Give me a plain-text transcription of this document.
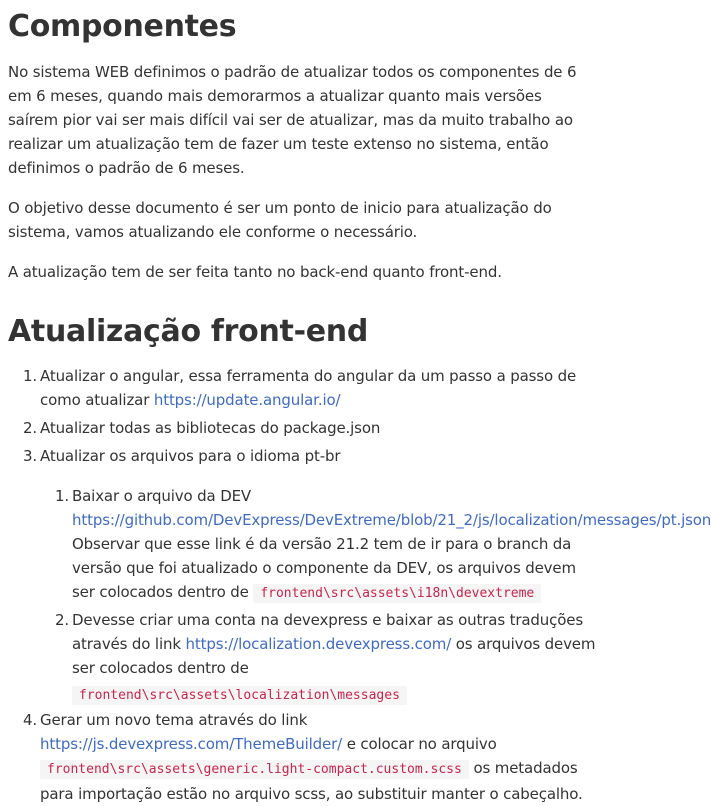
Componentes

No sistema WEB definimos o padrão de atualizar todos os componentes de 6 em 6 meses, quando mais demorarmos a atualizar quanto mais versões saírem pior vai ser mais difícil vai ser de atualizar, mas da muito trabalho ao realizar um atualização tem de fazer um teste extenso no sistema, então definimos o padrão de 6 meses.

O objetivo desse documento é ser um ponto de inicio para atualização do sistema, vamos atualizando ele conforme o necessário.

A atualização tem de ser feita tanto no back-end quanto front-end.

Atualização front-end
1. Atualizar o angular, essa ferramenta do angular da um passo a passo de como atualizar https://update.angular.io/
2. Atualizar todas as bibliotecas do package.json
3. Atualizar os arquivos para o idioma pt-br
1. Baixar o arquivo da DEV
https://github.com/DevExpress/DevExtreme/blob/21_2/js/localization/messages/pt.json
Observar que esse link é da versão 21.2 tem de ir para o branch da versão que foi atualizado o componente da DEV, os arquivos devem ser colocados dentro de frontend\src\assets\i18n\devextreme
2. Devesse criar uma conta na devexpress e baixar as outras traduções através do link https://localization.devexpress.com/ os arquivos devem ser colocados dentro de
frontend\src\assets\localization\messages
4. Gerar um novo tema através do link https://js.devexpress.com/ThemeBuilder/ e colocar no arquivo frontend\src\assets\generic.light-compact.custom.scss os metadados para importação estão no arquivo scss, ao substituir manter o cabeçalho.
